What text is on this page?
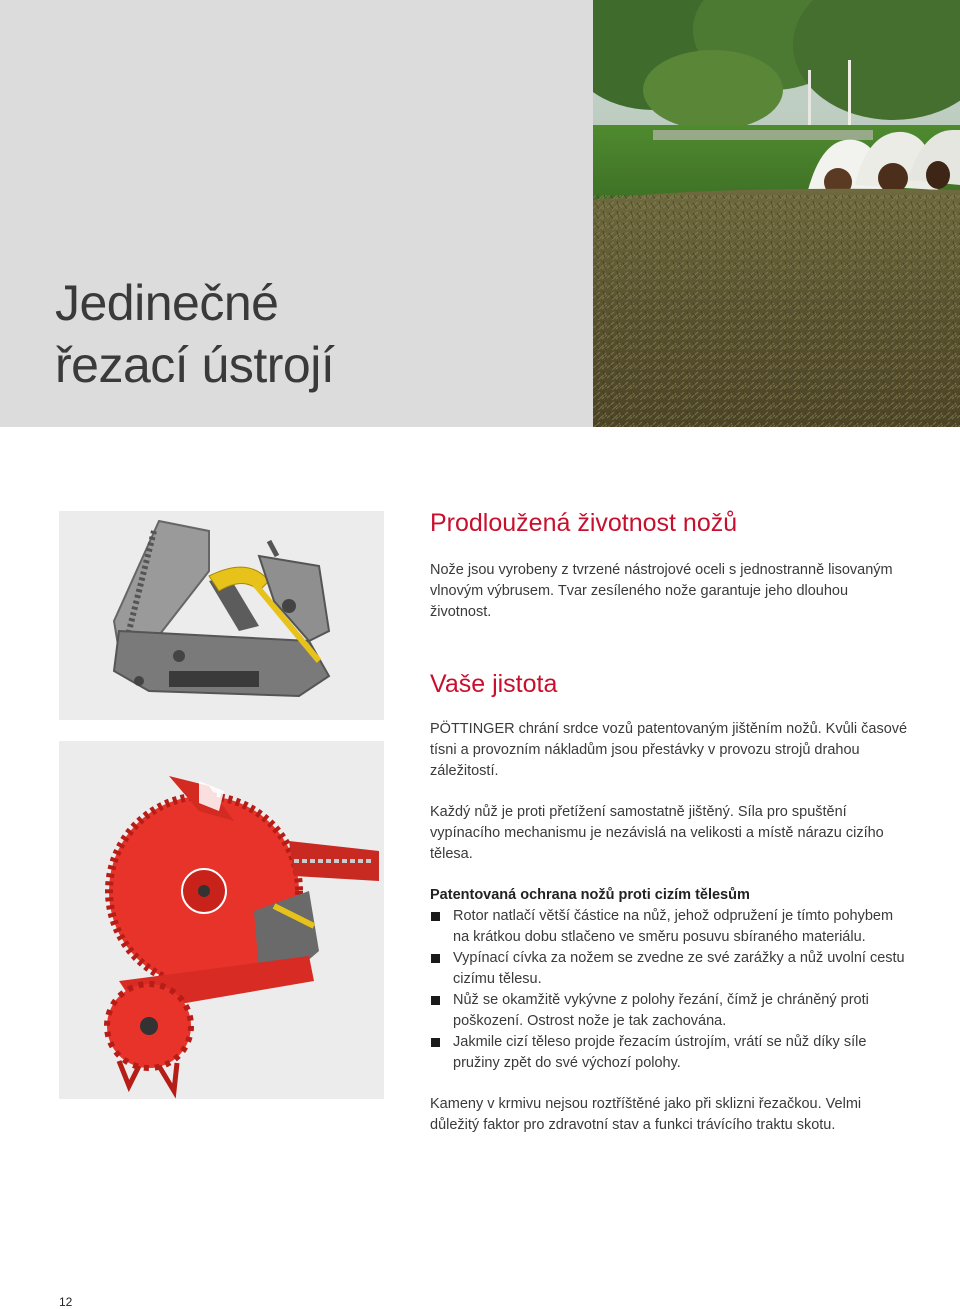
Jedinečné
řezací ústrojí
Prodloužená životnost nožů

Nože jsou vyrobeny z tvrzené nástrojové oceli s jednostranně lisovaným vlnovým výbrusem. Tvar zesíleného nože garantuje jeho dlouhou životnost.

Vaše jistota

PÖTTINGER chrání srdce vozů patentovaným jištěním nožů. Kvůli časové tísni a provozním nákladům jsou přestávky v provozu strojů drahou záležitostí.

Každý nůž je proti přetížení samostatně jištěný. Síla pro spuštění vypínacího mechanismu je nezávislá na velikosti a místě nárazu cizího tělesa.

Patentovaná ochrana nožů proti cizím tělesům
Rotor natlačí větší částice na nůž, jehož odpružení je tímto pohybem na krátkou dobu stlačeno ve směru posuvu sbíraného materiálu.
Vypínací cívka za nožem se zvedne ze své zarážky a nůž uvolní cestu cizímu tělesu.
Nůž se okamžitě vykývne z polohy řezání, čímž je chráněný proti poškození. Ostrost nože je tak zachována.
Jakmile cizí těleso projde řezacím ústrojím, vrátí se nůž díky síle pružiny zpět do své výchozí polohy.

Kameny v krmivu nejsou roztříštěné jako při sklizni řezačkou. Velmi důležitý faktor pro zdravotní stav a funkci trávícího traktu skotu.

12
